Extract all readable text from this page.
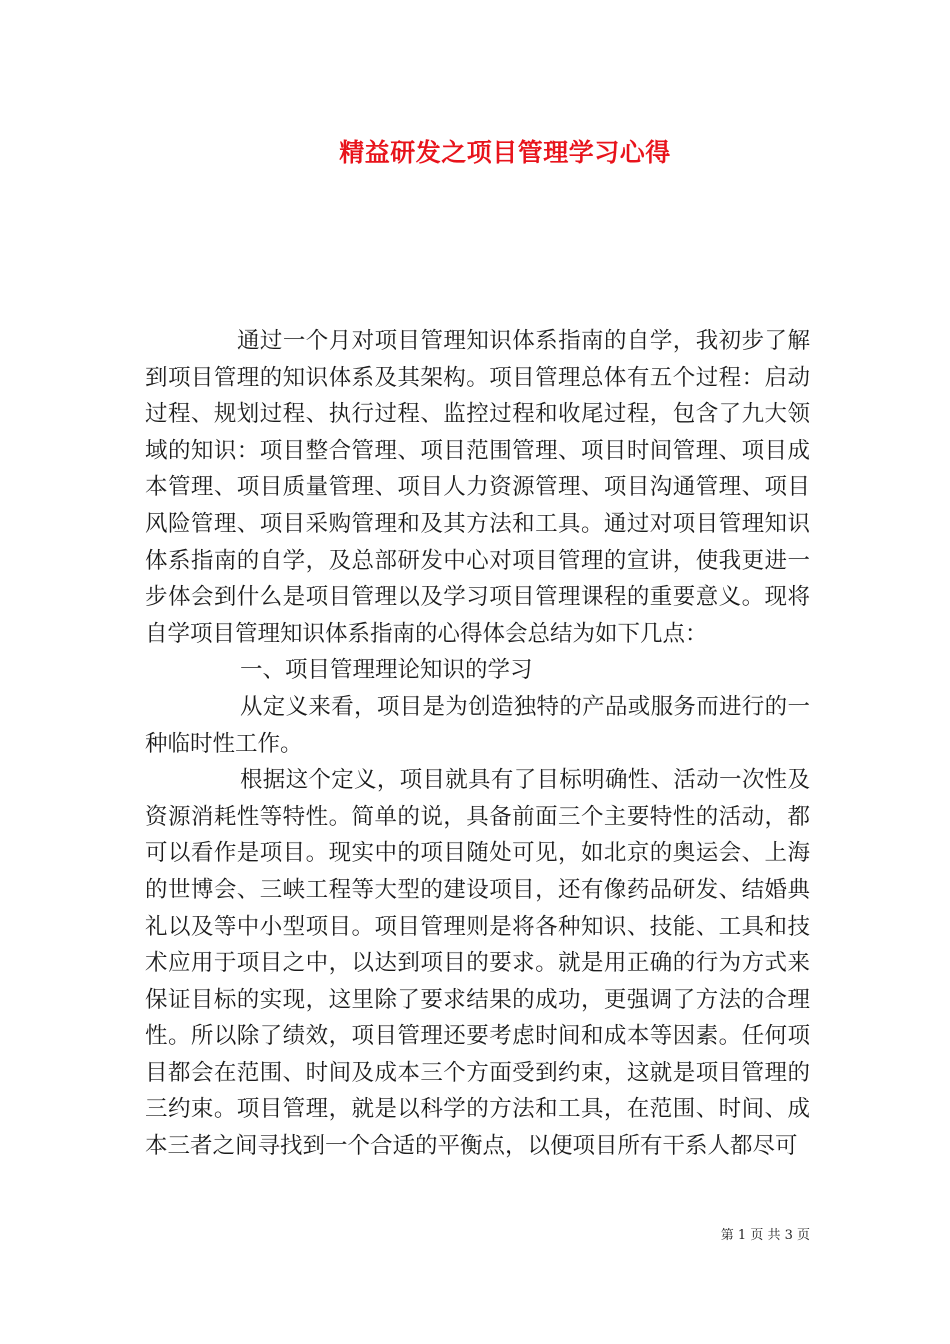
精益研发之项目管理学习心得

通过一个月对项目管理知识体系指南的自学，我初步了解到项目管理的知识体系及其架构。项目管理总体有五个过程：启动过程、规划过程、执行过程、监控过程和收尾过程，包含了九大领域的知识：项目整合管理、项目范围管理、项目时间管理、项目成本管理、项目质量管理、项目人力资源管理、项目沟通管理、项目风险管理、项目采购管理和及其方法和工具。通过对项目管理知识体系指南的自学，及总部研发中心对项目管理的宣讲，使我更进一步体会到什么是项目管理以及学习项目管理课程的重要意义。现将自学项目管理知识体系指南的心得体会总结为如下几点：

一、项目管理理论知识的学习

从定义来看，项目是为创造独特的产品或服务而进行的一种临时性工作。

根据这个定义，项目就具有了目标明确性、活动一次性及资源消耗性等特性。简单的说，具备前面三个主要特性的活动，都可以看作是项目。现实中的项目随处可见，如北京的奥运会、上海的世博会、三峡工程等大型的建设项目，还有像药品研发、结婚典礼以及等中小型项目。项目管理则是将各种知识、技能、工具和技术应用于项目之中，以达到项目的要求。就是用正确的行为方式来保证目标的实现，这里除了要求结果的成功，更强调了方法的合理性。所以除了绩效，项目管理还要考虑时间和成本等因素。任何项目都会在范围、时间及成本三个方面受到约束，这就是项目管理的三约束。项目管理，就是以科学的方法和工具，在范围、时间、成本三者之间寻找到一个合适的平衡点，以便项目所有干系人都尽可

第 1 页 共 3 页
